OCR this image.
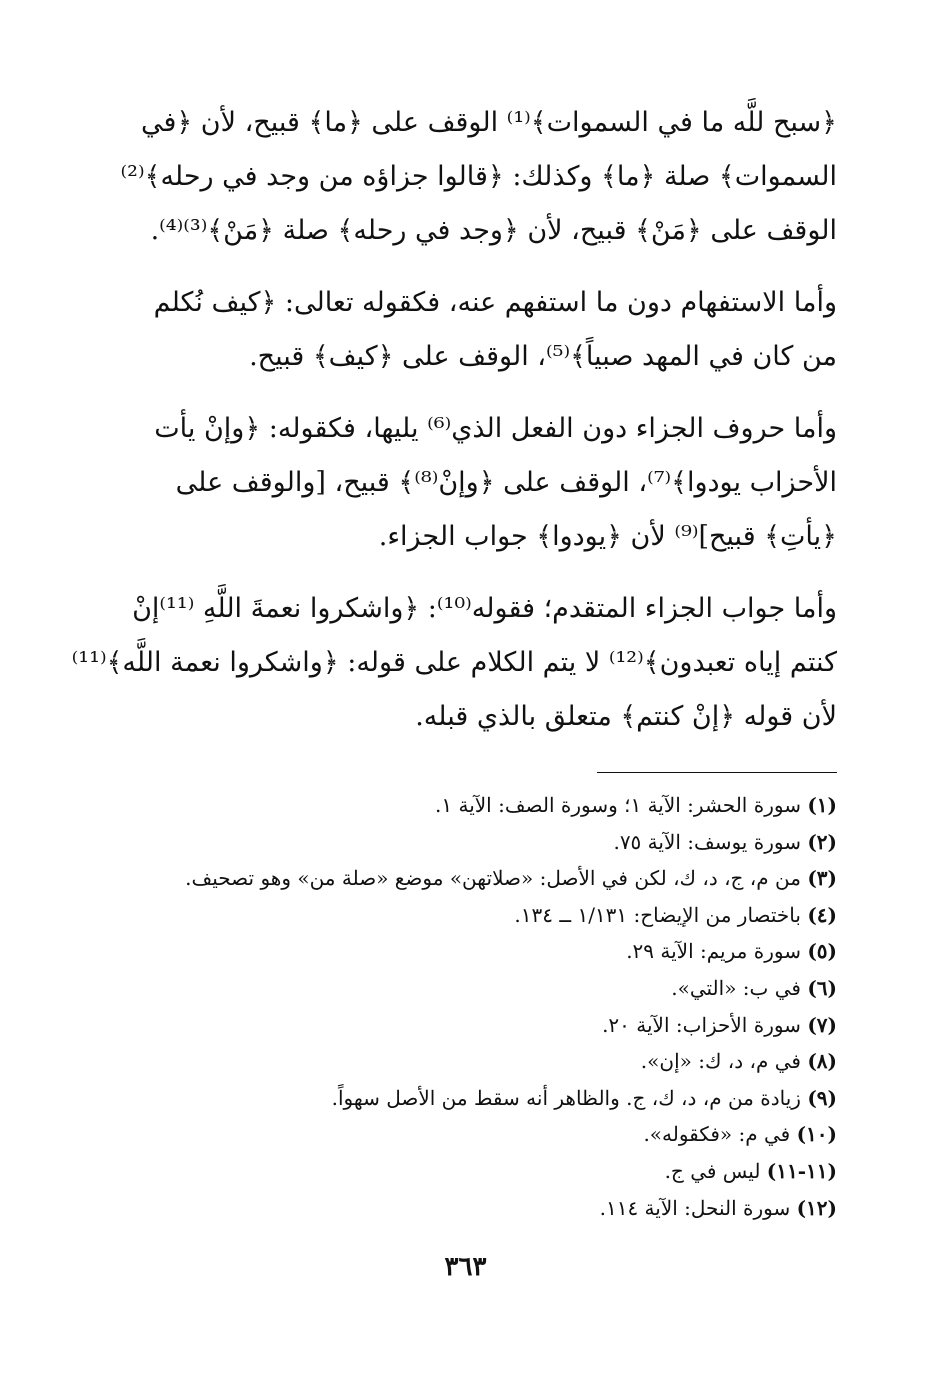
﴿سبح للَّه ما في السموات﴾⁽¹⁾ الوقف على ﴿ما﴾ قبيح، لأن ﴿في
السموات﴾ صلة ﴿ما﴾ وكذلك: ﴿قالوا جزاؤه من وجد في رحله﴾⁽²⁾
الوقف على ﴿مَنْ﴾ قبيح، لأن ﴿وجد في رحله﴾ صلة ﴿مَنْ﴾⁽³⁾⁽⁴⁾.
وأما الاستفهام دون ما استفهم عنه، فكقوله تعالى: ﴿كيف نُكلم
من كان في المهد صبياً﴾⁽⁵⁾، الوقف على ﴿كيف﴾ قبيح.
وأما حروف الجزاء دون الفعل الذي⁽⁶⁾ يليها، فكقوله: ﴿وإنْ يأت
الأحزاب يودوا﴾⁽⁷⁾، الوقف على ﴿وإنْ⁽⁸⁾﴾ قبيح، [والوقف على
﴿يأتِ﴾ قبيح]⁽⁹⁾ لأن ﴿يودوا﴾ جواب الجزاء.
وأما جواب الجزاء المتقدم؛ فقوله⁽¹⁰⁾: ﴿واشكروا نعمةَ اللَّهِ ⁽¹¹⁾إنْ
كنتم إياه تعبدون﴾⁽¹²⁾ لا يتم الكلام على قوله: ﴿واشكروا نعمة اللَّه﴾⁽¹¹⁾
لأن قوله ﴿إنْ كنتم﴾ متعلق بالذي قبله.
(١) سورة الحشر: الآية ١؛ وسورة الصف: الآية ١.
(٢) سورة يوسف: الآية ٧٥.
(٣) من م، ج، د، ك، لكن في الأصل: «صلاتهن» موضع «صلة من» وهو تصحيف.
(٤) باختصار من الإيضاح: ١/١٣١ ــ ١٣٤.
(٥) سورة مريم: الآية ٢٩.
(٦) في ب: «التي».
(٧) سورة الأحزاب: الآية ٢٠.
(٨) في م، د، ك: «إن».
(٩) زيادة من م، د، ك، ج. والظاهر أنه سقط من الأصل سهواً.
(١٠) في م: «فكقوله».
(١١-١١) ليس في ج.
(١٢) سورة النحل: الآية ١١٤.
٣٦٣
